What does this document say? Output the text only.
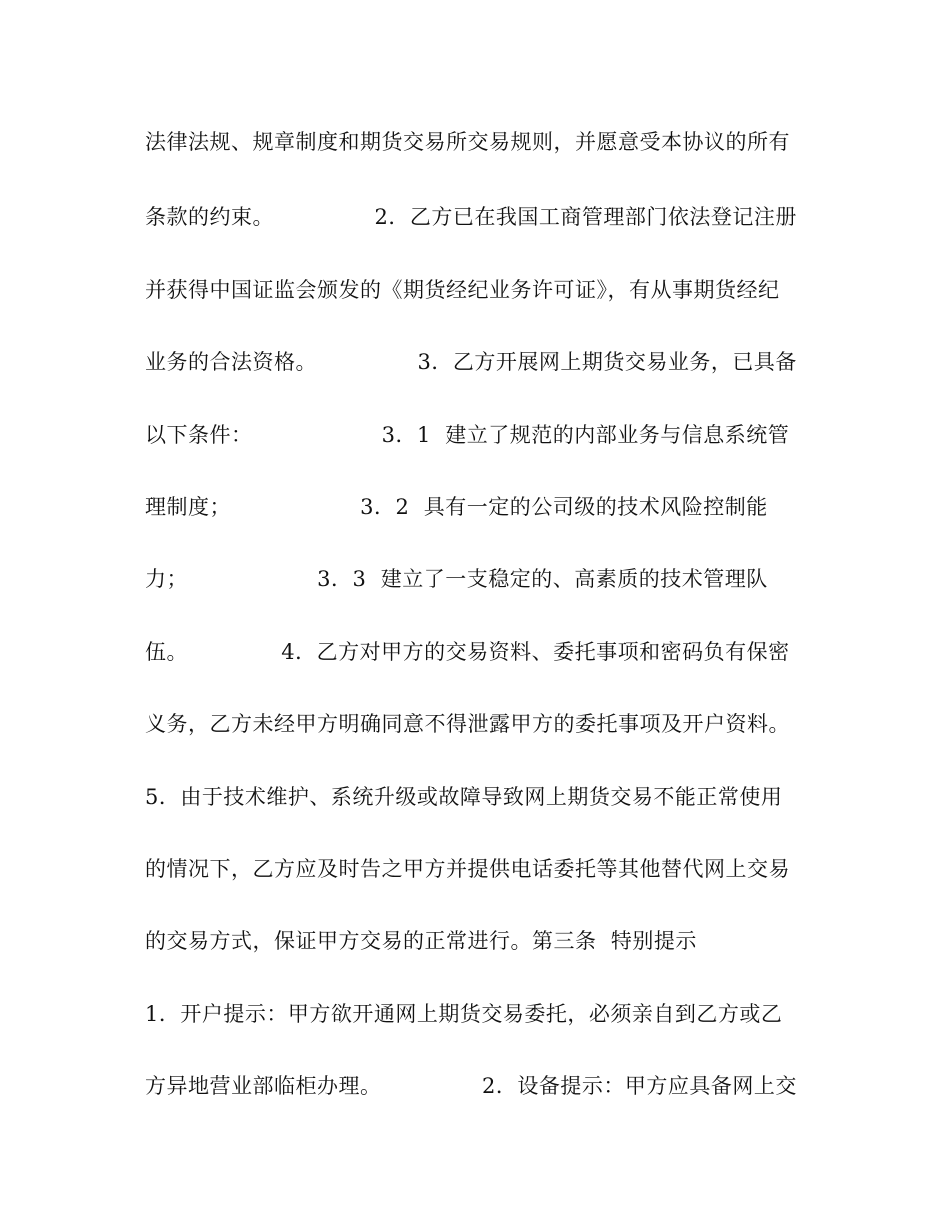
法律法规、规章制度和期货交易所交易规则，并愿意受本协议的所有
条款的约束。              2．乙方已在我国工商管理部门依法登记注册
并获得中国证监会颁发的《期货经纪业务许可证》，有从事期货经纪
业务的合法资格。              3．乙方开展网上期货交易业务，已具备
以下条件：                  3．1  建立了规范的内部业务与信息系统管
理制度；                  3．2  具有一定的公司级的技术风险控制能
力；                  3．3  建立了一支稳定的、高素质的技术管理队
伍。             4．乙方对甲方的交易资料、委托事项和密码负有保密
义务，乙方未经甲方明确同意不得泄露甲方的委托事项及开户资料。
5．由于技术维护、系统升级或故障导致网上期货交易不能正常使用
的情况下，乙方应及时告之甲方并提供电话委托等其他替代网上交易
的交易方式，保证甲方交易的正常进行。第三条  特别提示
1．开户提示：甲方欲开通网上期货交易委托，必须亲自到乙方或乙
方异地营业部临柜办理。              2．设备提示：甲方应具备网上交
